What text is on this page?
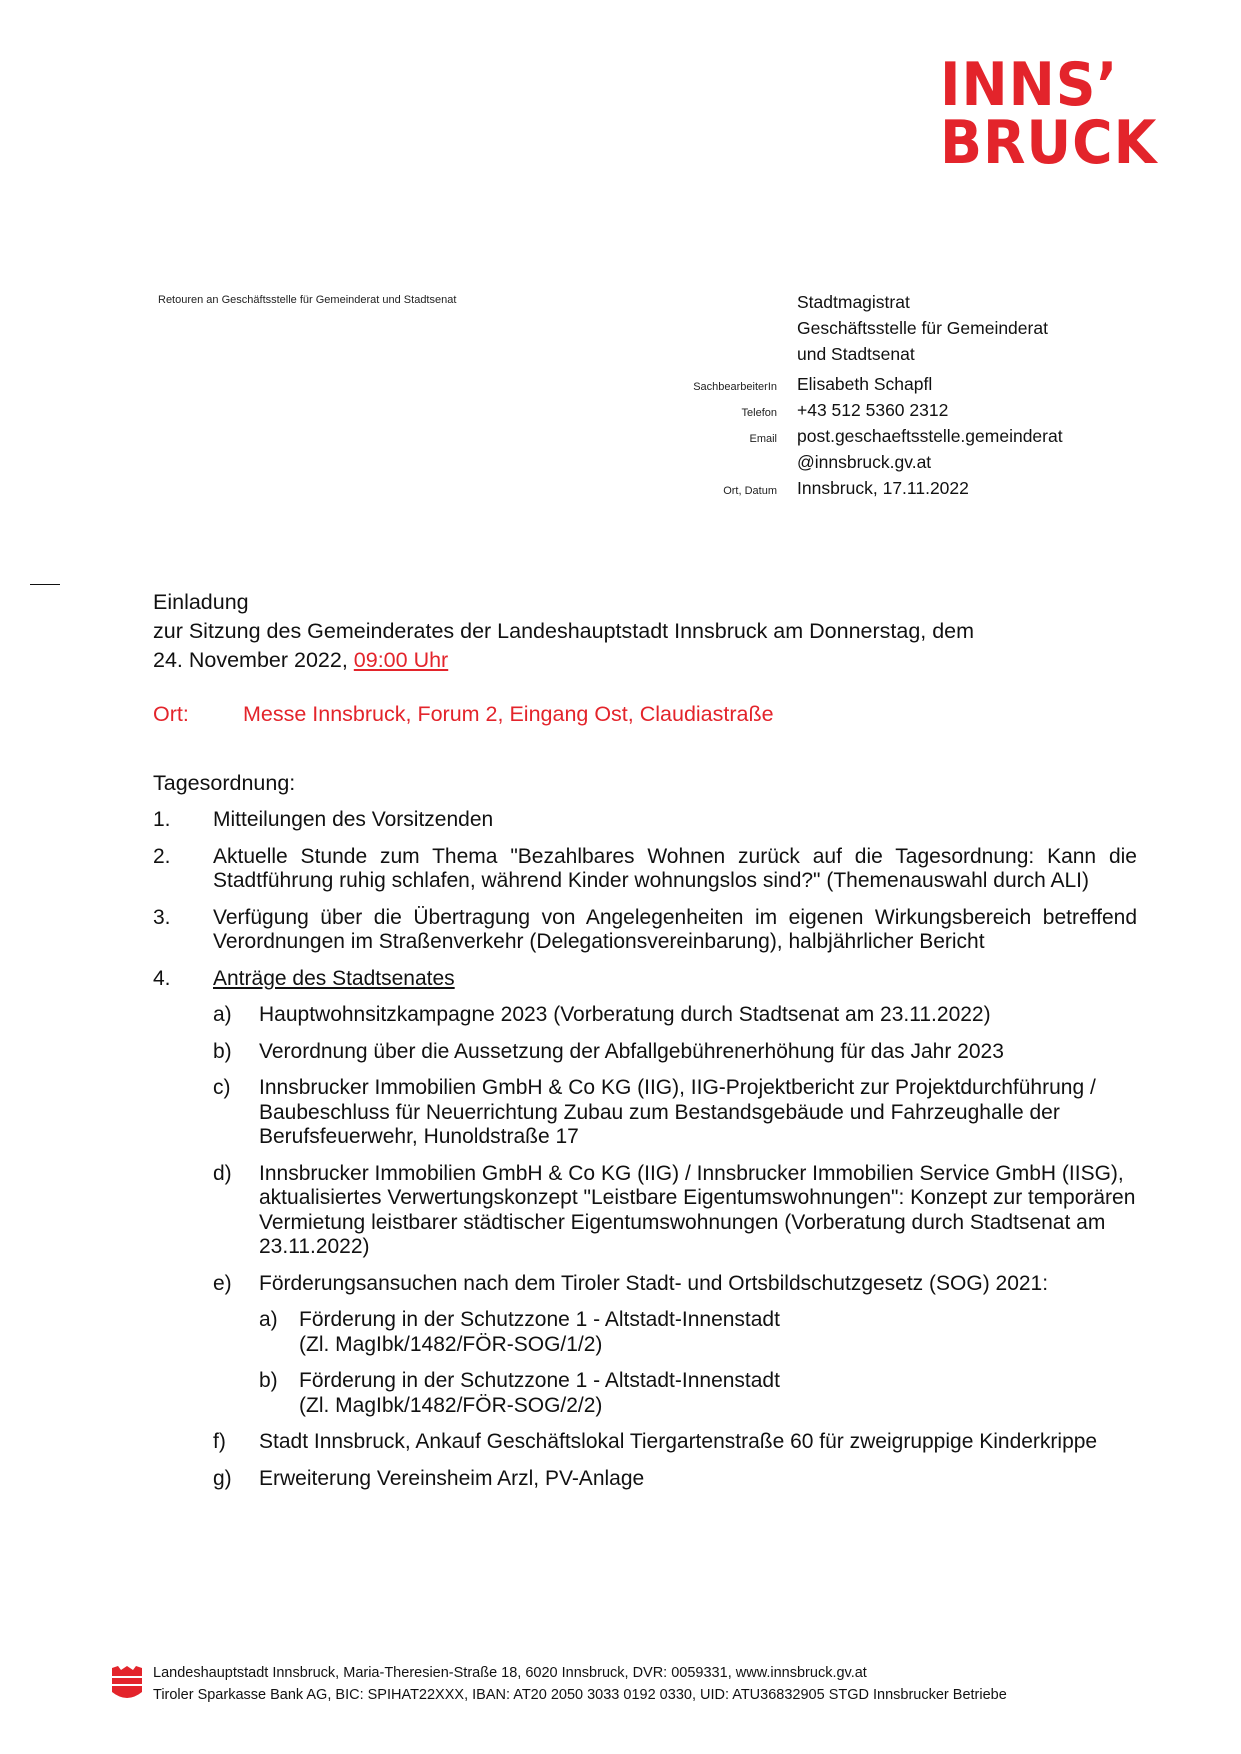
INNS’
BRUCK
Retouren an Geschäftsstelle für Gemeinderat und Stadtsenat	Stadtmagistrat
Geschäftsstelle für Gemeinderat
und Stadtsenat
SachbearbeiterIn Elisabeth Schapfl
Telefon +43 512 5360 2312
Email post.geschaeftsstelle.gemeinderat
@innsbruck.gv.at
Ort, Datum Innsbruck, 17.11.2022
Einladung
zur Sitzung des Gemeinderates der Landeshauptstadt Innsbruck am Donnerstag, dem
24. November 2022, 09:00 Uhr
Ort:	Messe Innsbruck, Forum 2, Eingang Ost, Claudiastraße
Tagesordnung:
1. Mitteilungen des Vorsitzenden
2. Aktuelle Stunde zum Thema "Bezahlbares Wohnen zurück auf die Tagesordnung: Kann die Stadtführung ruhig schlafen, während Kinder wohnungslos sind?" (Themenauswahl durch ALI)
3. Verfügung über die Übertragung von Angelegenheiten im eigenen Wirkungsbereich betreffend Verordnungen im Straßenverkehr (Delegationsvereinbarung), halbjährlicher Bericht
4. Anträge des Stadtsenates
a) Hauptwohnsitzkampagne 2023 (Vorberatung durch Stadtsenat am 23.11.2022)
b) Verordnung über die Aussetzung der Abfallgebührenerhöhung für das Jahr 2023
c) Innsbrucker Immobilien GmbH & Co KG (IIG), IIG-Projektbericht zur Projektdurchführung / Baubeschluss für Neuerrichtung Zubau zum Bestandsgebäude und Fahrzeughalle der Berufsfeuerwehr, Hunoldstraße 17
d) Innsbrucker Immobilien GmbH & Co KG (IIG) / Innsbrucker Immobilien Service GmbH (IISG), aktualisiertes Verwertungskonzept "Leistbare Eigentumswohnungen": Konzept zur temporären Vermietung leistbarer städtischer Eigentumswohnungen (Vorberatung durch Stadtsenat am 23.11.2022)
e) Förderungsansuchen nach dem Tiroler Stadt- und Ortsbildschutzgesetz (SOG) 2021:
a) Förderung in der Schutzzone 1 - Altstadt-Innenstadt
(Zl. MagIbk/1482/FÖR-SOG/1/2)
b) Förderung in der Schutzzone 1 - Altstadt-Innenstadt
(Zl. MagIbk/1482/FÖR-SOG/2/2)
f) Stadt Innsbruck, Ankauf Geschäftslokal Tiergartenstraße 60 für zweigruppige Kinderkrippe
g) Erweiterung Vereinsheim Arzl, PV-Anlage
Landeshauptstadt Innsbruck, Maria-Theresien-Straße 18, 6020 Innsbruck, DVR: 0059331, www.innsbruck.gv.at
Tiroler Sparkasse Bank AG, BIC: SPIHAT22XXX, IBAN: AT20 2050 3033 0192 0330, UID: ATU36832905 STGD Innsbrucker Betriebe
